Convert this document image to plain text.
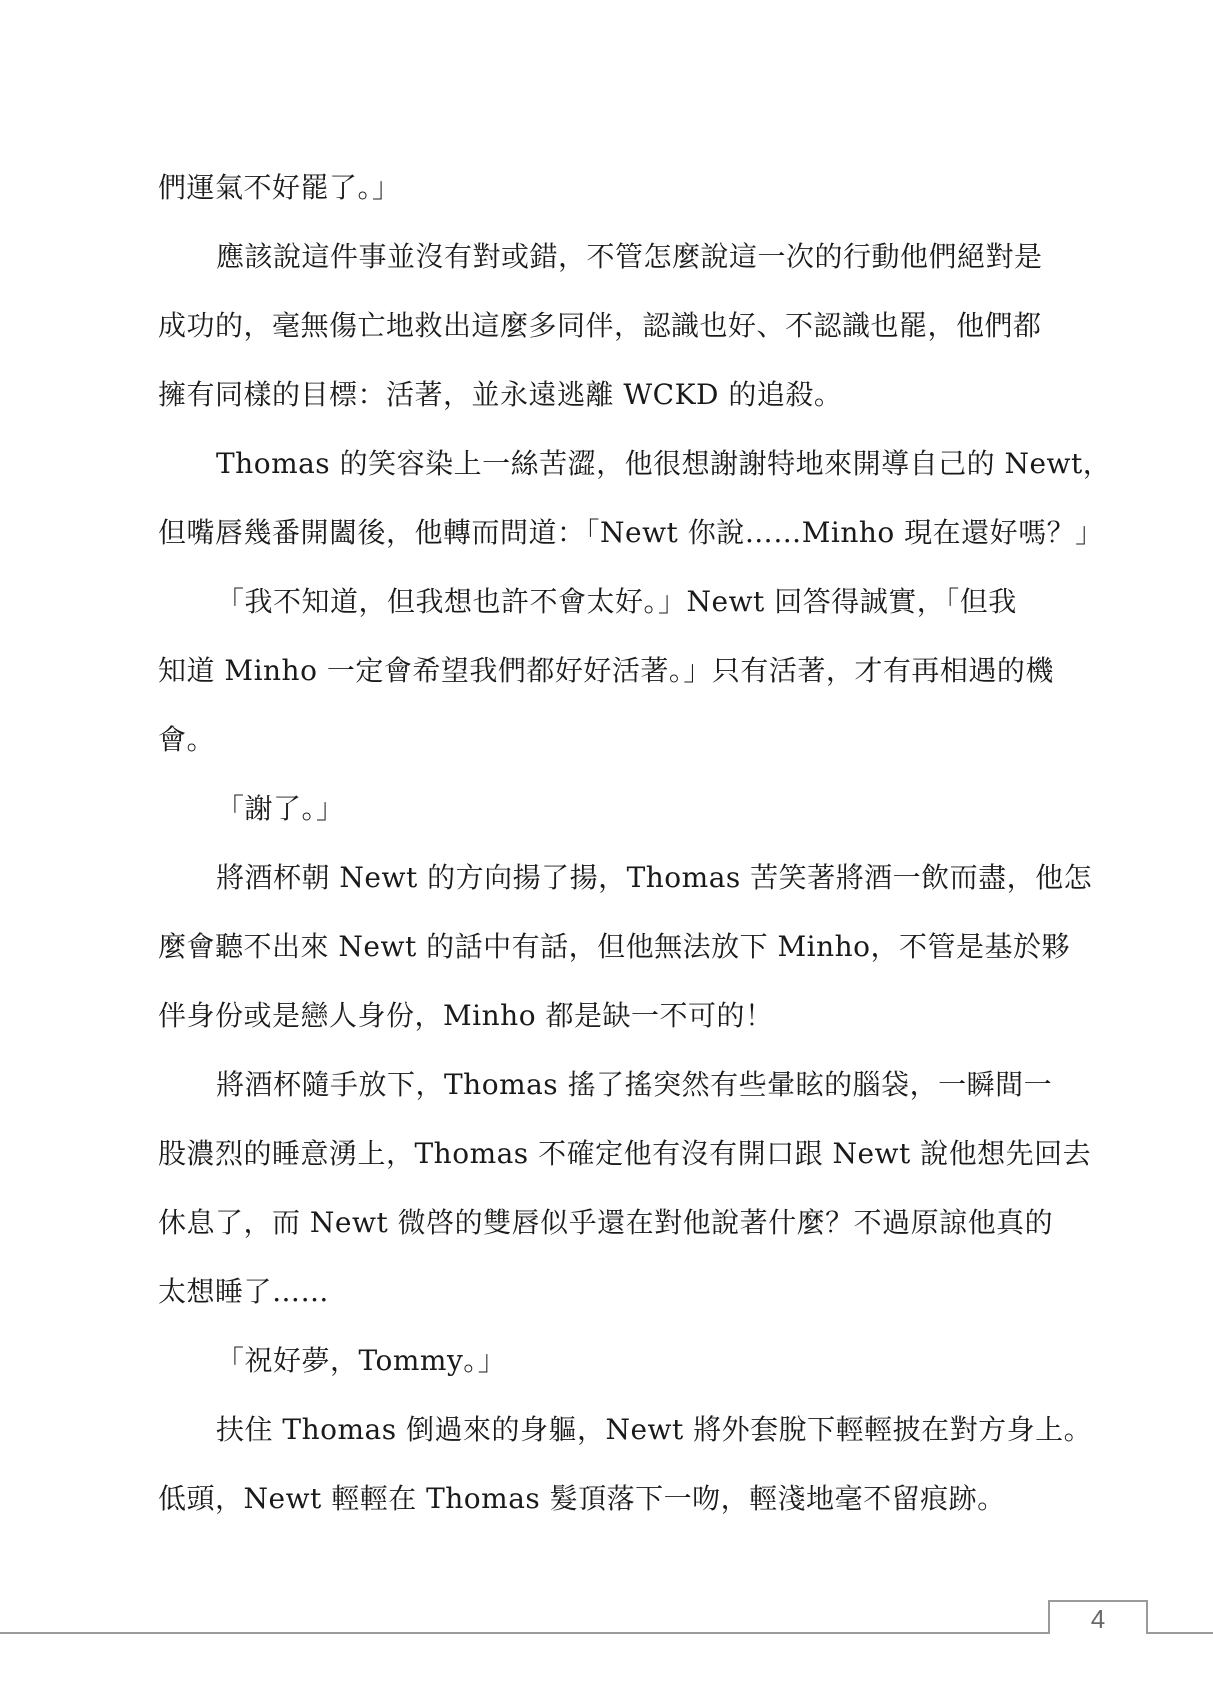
們運氣不好罷了。」
應該說這件事並沒有對或錯，不管怎麼說這一次的行動他們絕對是
成功的，毫無傷亡地救出這麼多同伴，認識也好、不認識也罷，他們都
擁有同樣的目標：活著，並永遠逃離 WCKD 的追殺。
Thomas 的笑容染上一絲苦澀，他很想謝謝特地來開導自己的 Newt，
但嘴唇幾番開闔後，他轉而問道：「Newt 你說……Minho 現在還好嗎？」
「我不知道，但我想也許不會太好。」Newt 回答得誠實，「但我
知道 Minho 一定會希望我們都好好活著。」只有活著，才有再相遇的機
會。
「謝了。」
將酒杯朝 Newt 的方向揚了揚，Thomas 苦笑著將酒一飲而盡，他怎
麼會聽不出來 Newt 的話中有話，但他無法放下 Minho，不管是基於夥
伴身份或是戀人身份，Minho 都是缺一不可的！
將酒杯隨手放下，Thomas 搖了搖突然有些暈眩的腦袋，一瞬間一
股濃烈的睡意湧上，Thomas 不確定他有沒有開口跟 Newt 說他想先回去
休息了，而 Newt 微啓的雙唇似乎還在對他說著什麼？不過原諒他真的
太想睡了……
「祝好夢，Tommy。」
扶住 Thomas 倒過來的身軀，Newt 將外套脫下輕輕披在對方身上。
低頭，Newt 輕輕在 Thomas 髮頂落下一吻，輕淺地毫不留痕跡。
4
